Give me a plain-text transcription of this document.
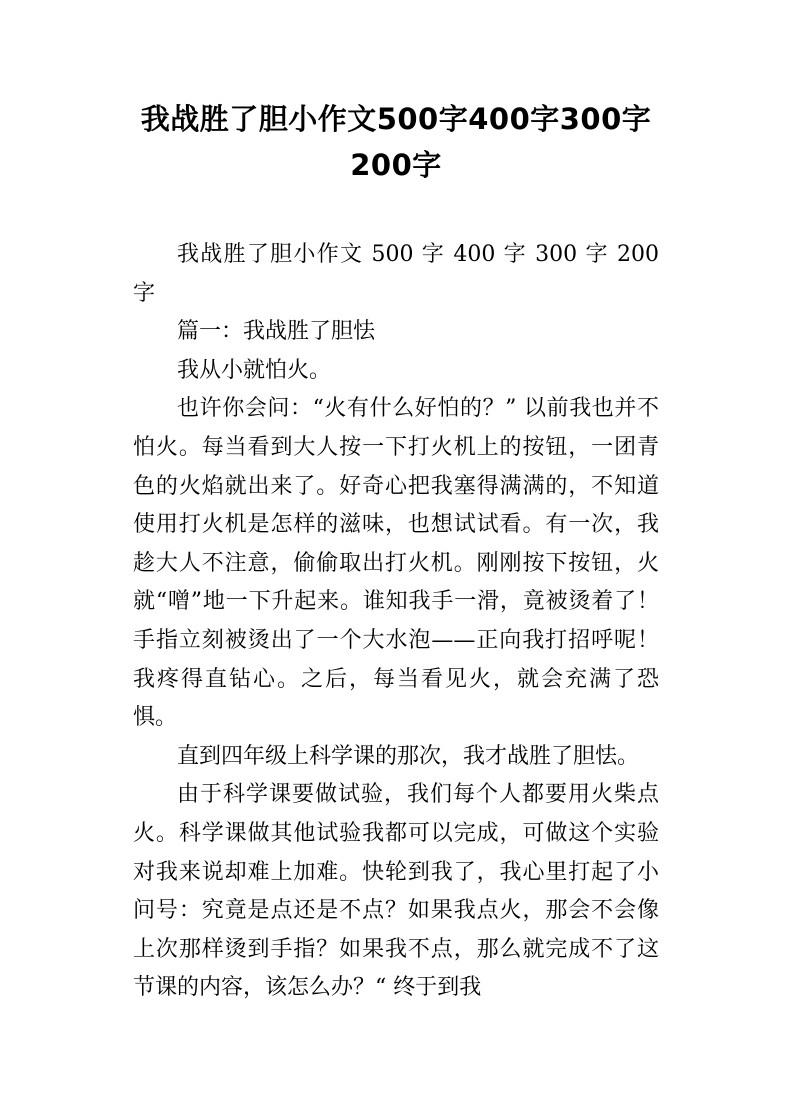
我战胜了胆小作文500字400字300字200字

我战胜了胆小作文 500 字 400 字 300 字 200 字

篇一：我战胜了胆怯

我从小就怕火。

也许你会问：“火有什么好怕的？” 以前我也并不怕火。每当看到大人按一下打火机上的按钮，一团青色的火焰就出来了。好奇心把我塞得满满的，不知道使用打火机是怎样的滋味，也想试试看。有一次，我趁大人不注意，偷偷取出打火机。刚刚按下按钮，火就“噌”地一下升起来。谁知我手一滑，竟被烫着了！手指立刻被烫出了一个大水泡——正向我打招呼呢！我疼得直钻心。之后，每当看见火，就会充满了恐惧。

直到四年级上科学课的那次，我才战胜了胆怯。

由于科学课要做试验，我们每个人都要用火柴点火。科学课做其他试验我都可以完成，可做这个实验对我来说却难上加难。快轮到我了，我心里打起了小问号：究竟是点还是不点？如果我点火，那会不会像上次那样烫到手指？如果我不点，那么就完成不了这节课的内容，该怎么办？“ 终于到我
